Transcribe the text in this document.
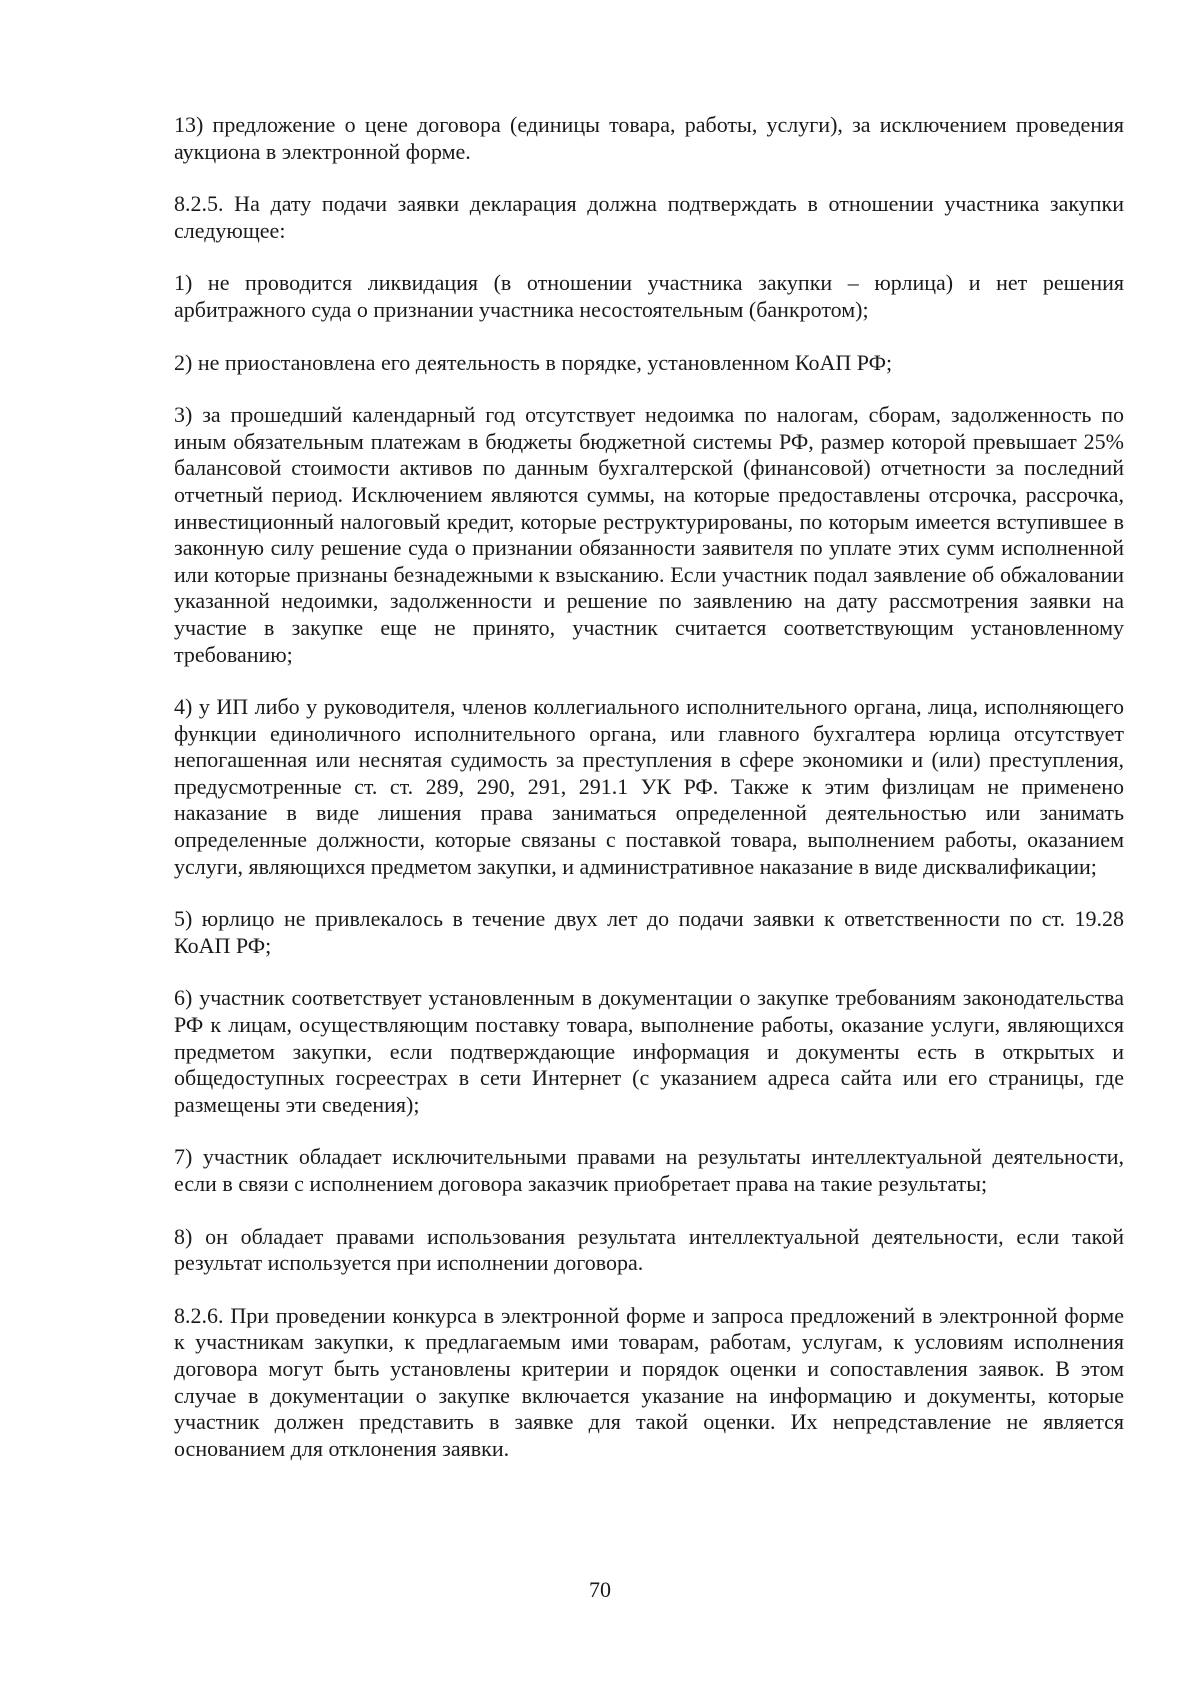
13) предложение о цене договора (единицы товара, работы, услуги), за исключением проведения аукциона в электронной форме.

8.2.5. На дату подачи заявки декларация должна подтверждать в отношении участника закупки следующее:

1) не проводится ликвидация (в отношении участника закупки – юрлица) и нет решения арбитражного суда о признании участника несостоятельным (банкротом);

2) не приостановлена его деятельность в порядке, установленном КоАП РФ;

3) за прошедший календарный год отсутствует недоимка по налогам, сборам, задолженность по иным обязательным платежам в бюджеты бюджетной системы РФ, размер которой превышает 25% балансовой стоимости активов по данным бухгалтерской (финансовой) отчетности за последний отчетный период. Исключением являются суммы, на которые предоставлены отсрочка, рассрочка, инвестиционный налоговый кредит, которые реструктурированы, по которым имеется вступившее в законную силу решение суда о признании обязанности заявителя по уплате этих сумм исполненной или которые признаны безнадежными к взысканию. Если участник подал заявление об обжаловании указанной недоимки, задолженности и решение по заявлению на дату рассмотрения заявки на участие в закупке еще не принято, участник считается соответствующим установленному требованию;

4) у ИП либо у руководителя, членов коллегиального исполнительного органа, лица, исполняющего функции единоличного исполнительного органа, или главного бухгалтера юрлица отсутствует непогашенная или неснятая судимость за преступления в сфере экономики и (или) преступления, предусмотренные ст. ст. 289, 290, 291, 291.1 УК РФ. Также к этим физлицам не применено наказание в виде лишения права заниматься определенной деятельностью или занимать определенные должности, которые связаны с поставкой товара, выполнением работы, оказанием услуги, являющихся предметом закупки, и административное наказание в виде дисквалификации;

5) юрлицо не привлекалось в течение двух лет до подачи заявки к ответственности по ст. 19.28 КоАП РФ;

6) участник соответствует установленным в документации о закупке требованиям законодательства РФ к лицам, осуществляющим поставку товара, выполнение работы, оказание услуги, являющихся предметом закупки, если подтверждающие информация и документы есть в открытых и общедоступных госреестрах в сети Интернет (с указанием адреса сайта или его страницы, где размещены эти сведения);

7) участник обладает исключительными правами на результаты интеллектуальной деятельности, если в связи с исполнением договора заказчик приобретает права на такие результаты;

8) он обладает правами использования результата интеллектуальной деятельности, если такой результат используется при исполнении договора.

8.2.6. При проведении конкурса в электронной форме и запроса предложений в электронной форме к участникам закупки, к предлагаемым ими товарам, работам, услугам, к условиям исполнения договора могут быть установлены критерии и порядок оценки и сопоставления заявок. В этом случае в документации о закупке включается указание на информацию и документы, которые участник должен представить в заявке для такой оценки. Их непредставление не является основанием для отклонения заявки.

70
